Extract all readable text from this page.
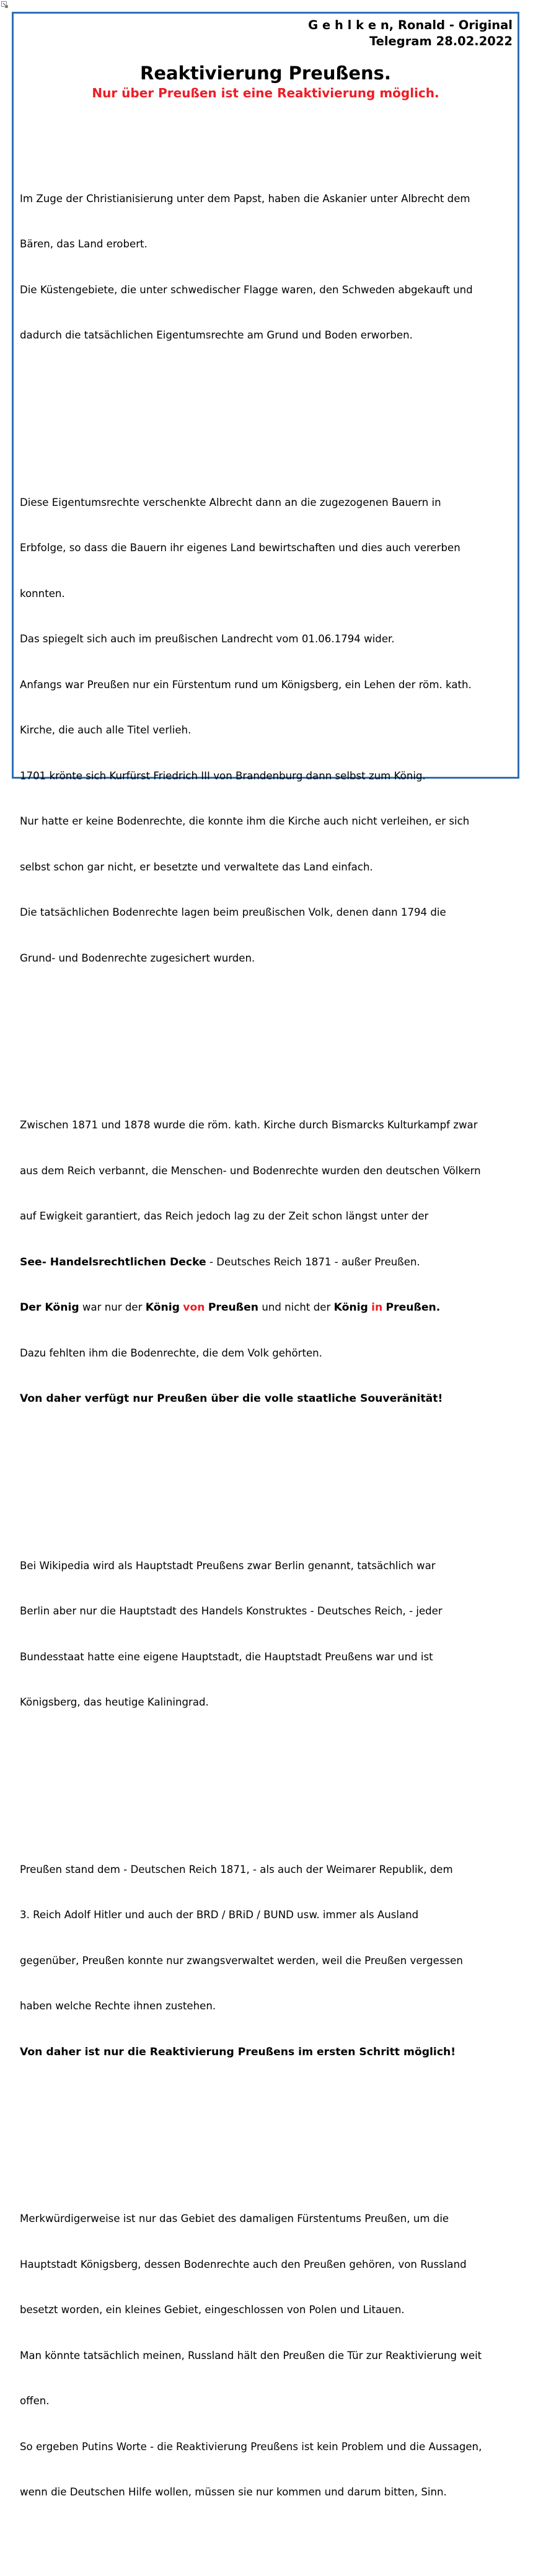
G e h l k e n, Ronald - Original
Telegram 28.02.2022
Reaktivierung Preußens.
Nur über Preußen ist eine Reaktivierung möglich.

Im Zuge der Christianisierung unter dem Papst, haben die Askanier unter Albrecht dem

Bären, das Land erobert.

Die Küstengebiete, die unter schwedischer Flagge waren, den Schweden abgekauft und

dadurch die tatsächlichen Eigentumsrechte am Grund und Boden erworben.

Diese Eigentumsrechte verschenkte Albrecht dann an die zugezogenen Bauern in

Erbfolge, so dass die Bauern ihr eigenes Land bewirtschaften und dies auch vererben

konnten.

Das spiegelt sich auch im preußischen Landrecht vom 01.06.1794 wider.

Anfangs war Preußen nur ein Fürstentum rund um Königsberg, ein Lehen der röm. kath.

Kirche, die auch alle Titel verlieh.

1701 krönte sich Kurfürst Friedrich III von Brandenburg dann selbst zum König.

Nur hatte er keine Bodenrechte, die konnte ihm die Kirche auch nicht verleihen, er sich

selbst schon gar nicht, er besetzte und verwaltete das Land einfach.

Die tatsächlichen Bodenrechte lagen beim preußischen Volk, denen dann 1794 die

Grund- und Bodenrechte zugesichert wurden.

Zwischen 1871 und 1878 wurde die röm. kath. Kirche durch Bismarcks Kulturkampf zwar

aus dem Reich verbannt, die Menschen- und Bodenrechte wurden den deutschen Völkern

auf Ewigkeit garantiert, das Reich jedoch lag zu der Zeit schon längst unter der

See- Handelsrechtlichen Decke - Deutsches Reich 1871 - außer Preußen.

Der König war nur der König von Preußen und nicht der König in Preußen.

Dazu fehlten ihm die Bodenrechte, die dem Volk gehörten.

Von daher verfügt nur Preußen über die volle staatliche Souveränität!

Bei Wikipedia wird als Hauptstadt Preußens zwar Berlin genannt, tatsächlich war

Berlin aber nur die Hauptstadt des Handels Konstruktes - Deutsches Reich, - jeder

Bundesstaat hatte eine eigene Hauptstadt, die Hauptstadt Preußens war und ist

Königsberg, das heutige Kaliningrad.

Preußen stand dem - Deutschen Reich 1871, - als auch der Weimarer Republik, dem

3. Reich Adolf Hitler und auch der BRD / BRiD / BUND usw. immer als Ausland

gegenüber, Preußen konnte nur zwangsverwaltet werden, weil die Preußen vergessen

haben welche Rechte ihnen zustehen.

Von daher ist nur die Reaktivierung Preußens im ersten Schritt möglich!

Merkwürdigerweise ist nur das Gebiet des damaligen Fürstentums Preußen, um die

Hauptstadt Königsberg, dessen Bodenrechte auch den Preußen gehören, von Russland

besetzt worden, ein kleines Gebiet, eingeschlossen von Polen und Litauen.

Man könnte tatsächlich meinen, Russland hält den Preußen die Tür zur Reaktivierung weit

offen.

So ergeben Putins Worte - die Reaktivierung Preußens ist kein Problem und die Aussagen,

wenn die Deutschen Hilfe wollen, müssen sie nur kommen und darum bitten, Sinn.
